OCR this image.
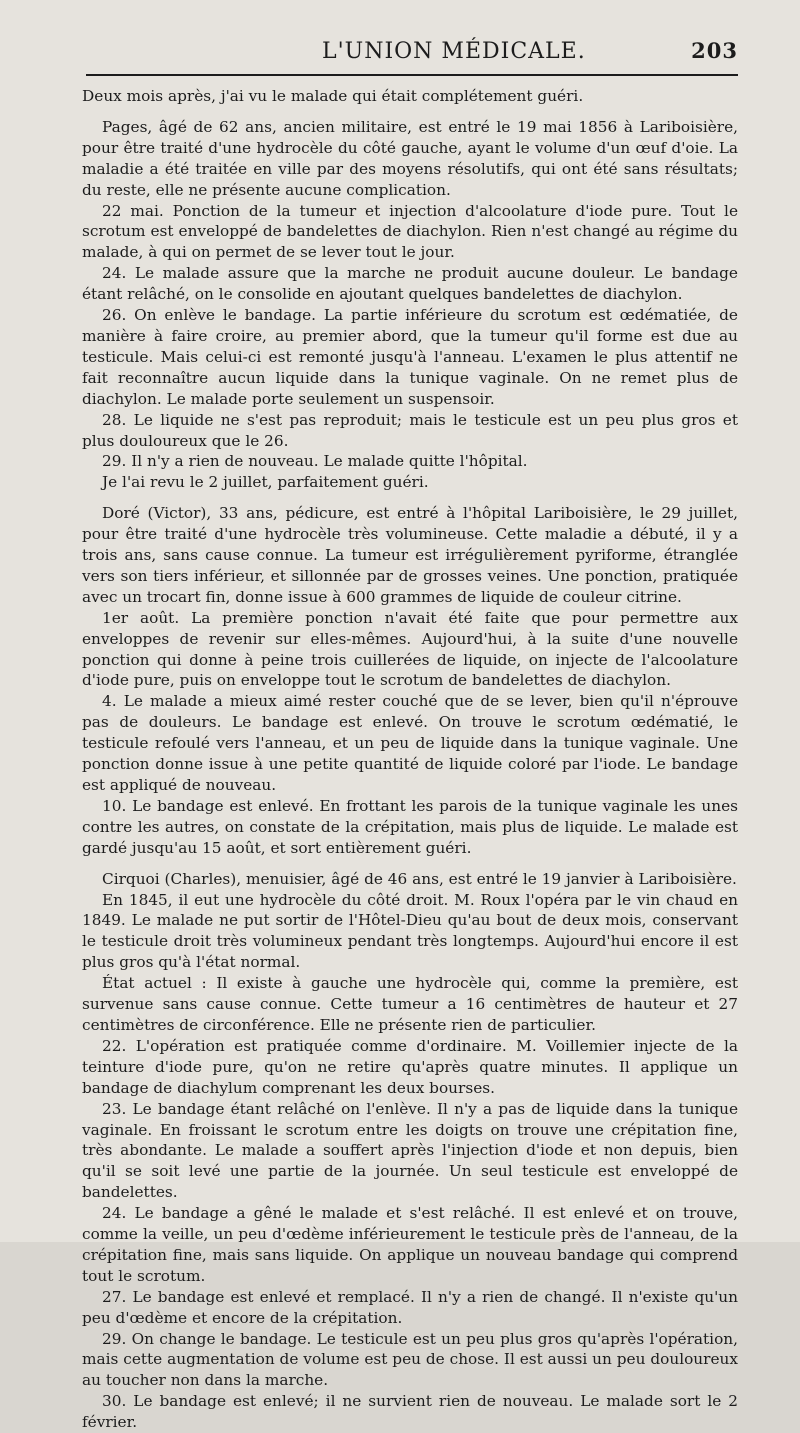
L'UNION MÉDICALE.	203

Deux mois après, j'ai vu le malade qui était complétement guéri.

Pages, âgé de 62 ans, ancien militaire, est entré le 19 mai 1856 à Lariboisière, pour être traité d'une hydrocèle du côté gauche, ayant le volume d'un œuf d'oie. La maladie a été traitée en ville par des moyens résolutifs, qui ont été sans résultats; du reste, elle ne présente aucune complication.

22 mai. Ponction de la tumeur et injection d'alcoolature d'iode pure. Tout le scrotum est enveloppé de bandelettes de diachylon. Rien n'est changé au régime du malade, à qui on permet de se lever tout le jour.

24. Le malade assure que la marche ne produit aucune douleur. Le bandage étant relâché, on le consolide en ajoutant quelques bandelettes de diachylon.

26. On enlève le bandage. La partie inférieure du scrotum est œdématiée, de manière à faire croire, au premier abord, que la tumeur qu'il forme est due au testicule. Mais celui-ci est remonté jusqu'à l'anneau. L'examen le plus attentif ne fait reconnaître aucun liquide dans la tunique vaginale. On ne remet plus de diachylon. Le malade porte seulement un suspensoir.

28. Le liquide ne s'est pas reproduit; mais le testicule est un peu plus gros et plus douloureux que le 26.

29. Il n'y a rien de nouveau. Le malade quitte l'hôpital.

Je l'ai revu le 2 juillet, parfaitement guéri.

Doré (Victor), 33 ans, pédicure, est entré à l'hôpital Lariboisière, le 29 juillet, pour être traité d'une hydrocèle très volumineuse. Cette maladie a débuté, il y a trois ans, sans cause connue. La tumeur est irrégulièrement pyriforme, étranglée vers son tiers inférieur, et sillonnée par de grosses veines. Une ponction, pratiquée avec un trocart fin, donne issue à 600 grammes de liquide de couleur citrine.

1er août. La première ponction n'avait été faite que pour permettre aux enveloppes de revenir sur elles-mêmes. Aujourd'hui, à la suite d'une nouvelle ponction qui donne à peine trois cuillerées de liquide, on injecte de l'alcoolature d'iode pure, puis on enveloppe tout le scrotum de bandelettes de diachylon.

4. Le malade a mieux aimé rester couché que de se lever, bien qu'il n'éprouve pas de douleurs. Le bandage est enlevé. On trouve le scrotum œdématié, le testicule refoulé vers l'anneau, et un peu de liquide dans la tunique vaginale. Une ponction donne issue à une petite quantité de liquide coloré par l'iode. Le bandage est appliqué de nouveau.

10. Le bandage est enlevé. En frottant les parois de la tunique vaginale les unes contre les autres, on constate de la crépitation, mais plus de liquide. Le malade est gardé jusqu'au 15 août, et sort entièrement guéri.

Cirquoi (Charles), menuisier, âgé de 46 ans, est entré le 19 janvier à Lariboisière.

En 1845, il eut une hydrocèle du côté droit. M. Roux l'opéra par le vin chaud en 1849. Le malade ne put sortir de l'Hôtel-Dieu qu'au bout de deux mois, conservant le testicule droit très volumineux pendant très longtemps. Aujourd'hui encore il est plus gros qu'à l'état normal.

État actuel : Il existe à gauche une hydrocèle qui, comme la première, est survenue sans cause connue. Cette tumeur a 16 centimètres de hauteur et 27 centimètres de circonférence. Elle ne présente rien de particulier.

22. L'opération est pratiquée comme d'ordinaire. M. Voillemier injecte de la teinture d'iode pure, qu'on ne retire qu'après quatre minutes. Il applique un bandage de diachylum comprenant les deux bourses.

23. Le bandage étant relâché on l'enlève. Il n'y a pas de liquide dans la tunique vaginale. En froissant le scrotum entre les doigts on trouve une crépitation fine, très abondante. Le malade a souffert après l'injection d'iode et non depuis, bien qu'il se soit levé une partie de la journée. Un seul testicule est enveloppé de bandelettes.

24. Le bandage a gêné le malade et s'est relâché. Il est enlevé et on trouve, comme la veille, un peu d'œdème inférieurement le testicule près de l'anneau, de la crépitation fine, mais sans liquide. On applique un nouveau bandage qui comprend tout le scrotum.

27. Le bandage est enlevé et remplacé. Il n'y a rien de changé. Il n'existe qu'un peu d'œdème et encore de la crépitation.

29. On change le bandage. Le testicule est un peu plus gros qu'après l'opération, mais cette augmentation de volume est peu de chose. Il est aussi un peu douloureux au toucher non dans la marche.

30. Le bandage est enlevé; il ne survient rien de nouveau. Le malade sort le 2 février.
